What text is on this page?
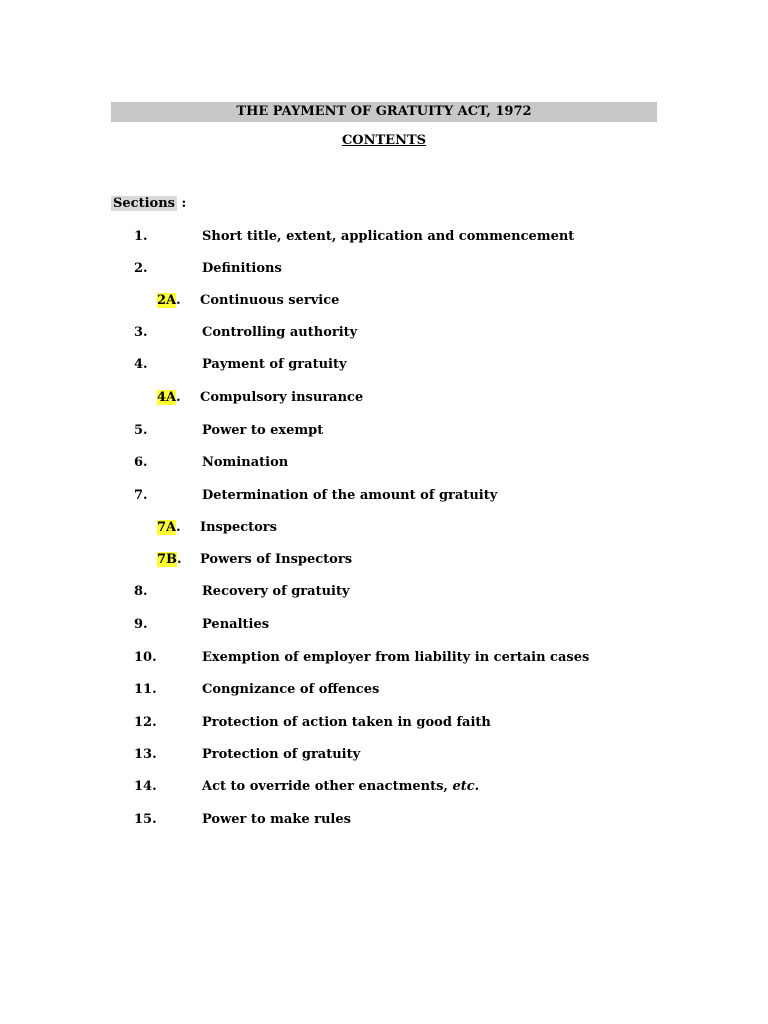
THE PAYMENT OF GRATUITY ACT, 1972
CONTENTS
Sections :
1.	Short title, extent, application and commencement
2.	Definitions
2A. Continuous service
3.	Controlling authority
4.	Payment of gratuity
4A. Compulsory insurance
5.	Power to exempt
6.	Nomination
7.	Determination of the amount of gratuity
7A. Inspectors
7B. Powers of Inspectors
8.	Recovery of gratuity
9.	Penalties
10.	Exemption of employer from liability in certain cases
11.	Congnizance of offences
12.	Protection of action taken in good faith
13.	Protection of gratuity
14.	Act to override other enactments, etc.
15.	Power to make rules
